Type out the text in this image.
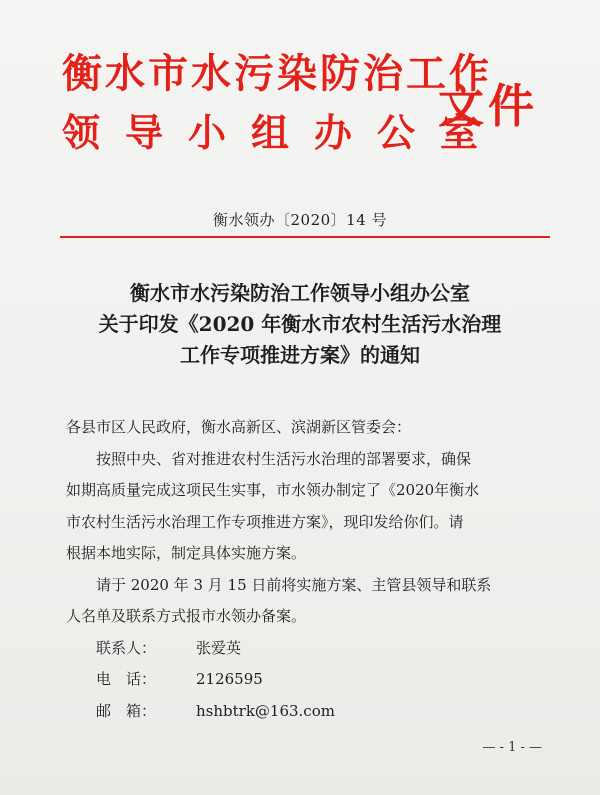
衡水市水污染防治工作
领导小组办公室
文件
衡水领办〔2020〕14 号
衡水市水污染防治工作领导小组办公室
关于印发《2020 年衡水市农村生活污水治理
工作专项推进方案》的通知

各县市区人民政府，衡水高新区、滨湖新区管委会：

按照中央、省对推进农村生活污水治理的部署要求，确保

如期高质量完成这项民生实事，市水领办制定了《2020年衡水

市农村生活污水治理工作专项推进方案》，现印发给你们。请

根据本地实际，制定具体实施方案。

请于 2020 年 3 月 15 日前将实施方案、主管县领导和联系

人名单及联系方式报市水领办备案。

联系人：	张爱英
电　话：	2126595
邮　箱：	hshbtrk@163.com
— - 1 - —
